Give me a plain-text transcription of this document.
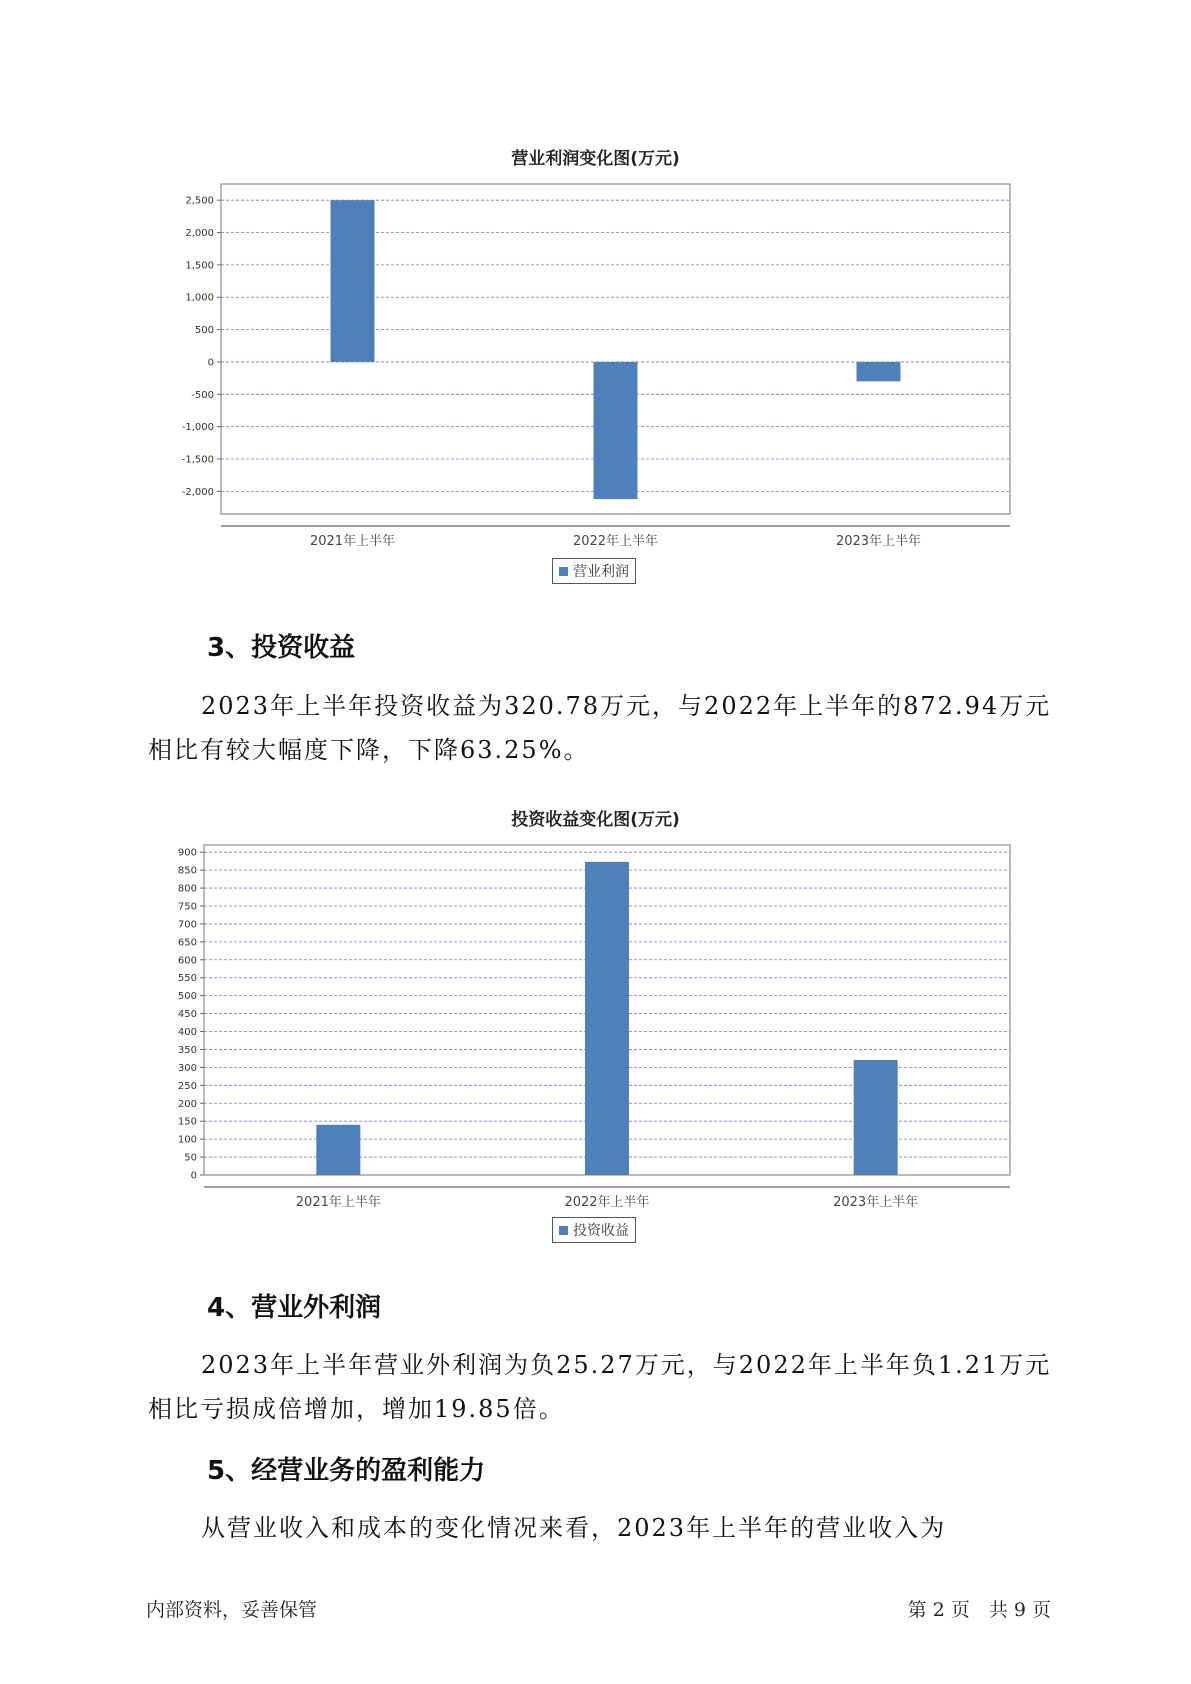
营业利润变化图(万元)
2,500
2,000
1,500
1,000
500
0
-500
-1,000
-1,500
-2,000
2021年上半年	2022年上半年	2023年上半年
营业利润
3、投资收益

2023年上半年投资收益为320.78万元，与2022年上半年的872.94万元
相比有较大幅度下降，下降63.25%。

投资收益变化图(万元)
900
850
800
750
700
650
600
550
500
450
400
350
300
250
200
150
100
50
0
2021年上半年	2022年上半年	2023年上半年
投资收益
4、营业外利润

2023年上半年营业外利润为负25.27万元，与2022年上半年负1.21万元
相比亏损成倍增加，增加19.85倍。

5、经营业务的盈利能力

从营业收入和成本的变化情况来看，2023年上半年的营业收入为

内部资料，妥善保管	第 2 页　共 9 页
